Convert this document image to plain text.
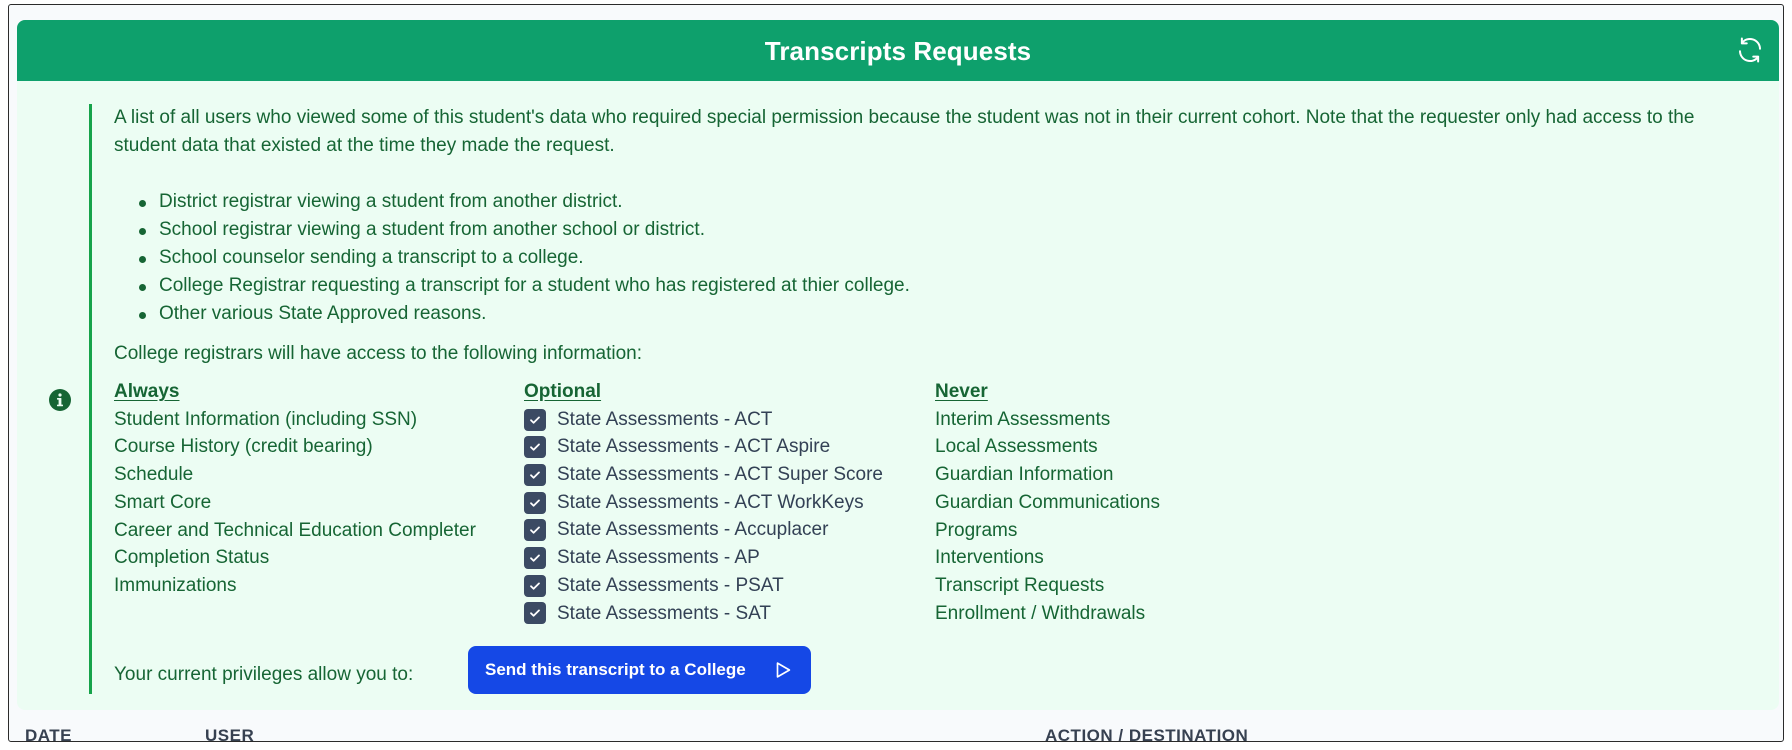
Transcripts Requests

A list of all users who viewed some of this student's data who required special permission because the student was not in their current cohort. Note that the requester only had access to the student data that existed at the time they made the request.

District registrar viewing a student from another district.
School registrar viewing a student from another school or district.
School counselor sending a transcript to a college.
College Registrar requesting a transcript for a student who has registered at thier college.
Other various State Approved reasons.

College registrars will have access to the following information:

Always
Student Information (including SSN)
Course History (credit bearing)
Schedule
Smart Core
Career and Technical Education Completer
Completion Status
Immunizations
Optional
State Assessments - ACT
State Assessments - ACT Aspire
State Assessments - ACT Super Score
State Assessments - ACT WorkKeys
State Assessments - Accuplacer
State Assessments - AP
State Assessments - PSAT
State Assessments - SAT
Never
Interim Assessments
Local Assessments
Guardian Information
Guardian Communications
Programs
Interventions
Transcript Requests
Enrollment / Withdrawals

Your current privileges allow you to:	Send this transcript to a College
DATE	USER	ACTION / DESTINATION
